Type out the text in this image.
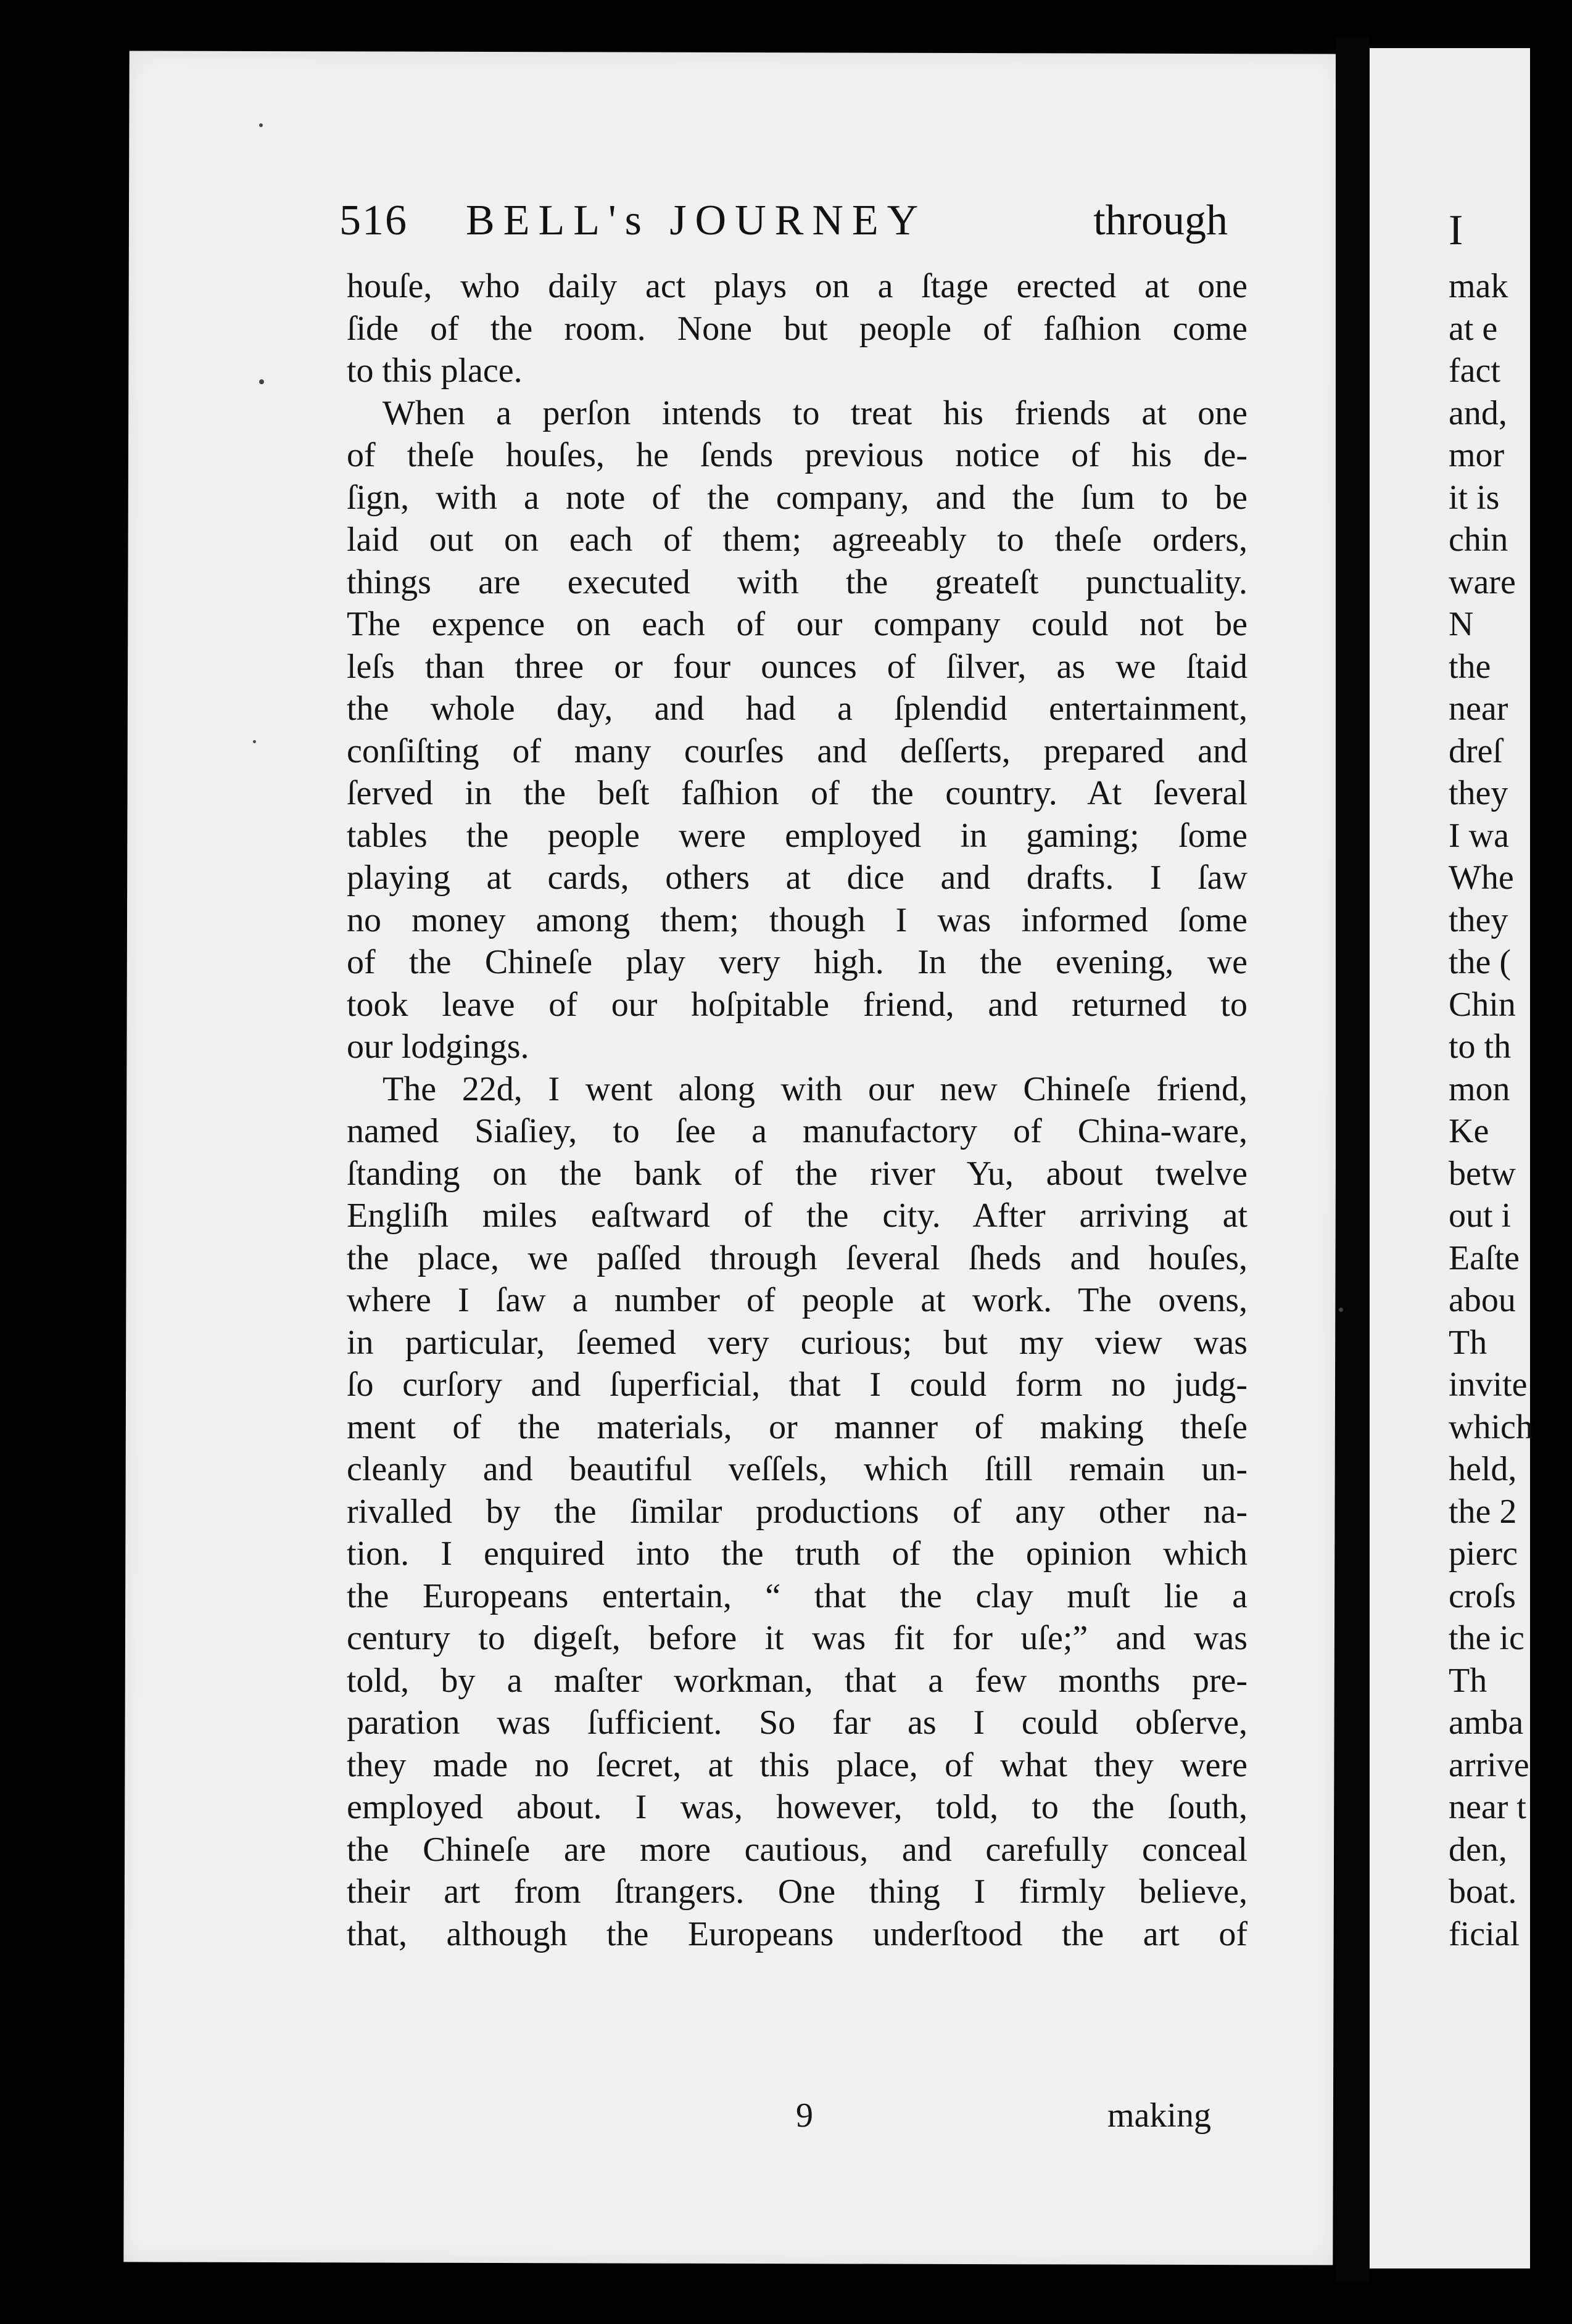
516 BELL's JOURNEY	through
houſe, who daily act plays on a ſtage erected at one
ſide of the room. None but people of faſhion come
to this place.
When a perſon intends to treat his friends at one
of theſe houſes, he ſends previous notice of his de-
ſign, with a note of the company, and the ſum to be
laid out on each of them; agreeably to theſe orders,
things are executed with the greateſt punctuality.
The expence on each of our company could not be
leſs than three or four ounces of ſilver, as we ſtaid
the whole day, and had a ſplendid entertainment,
conſiſting of many courſes and deſſerts, prepared and
ſerved in the beſt faſhion of the country. At ſeveral
tables the people were employed in gaming; ſome
playing at cards, others at dice and drafts. I ſaw
no money among them; though I was informed ſome
of the Chineſe play very high. In the evening, we
took leave of our hoſpitable friend, and returned to
our lodgings.
The 22d, I went along with our new Chineſe friend,
named Siaſiey, to ſee a manufactory of China-ware,
ſtanding on the bank of the river Yu, about twelve
Engliſh miles eaſtward of the city. After arriving at
the place, we paſſed through ſeveral ſheds and houſes,
where I ſaw a number of people at work. The ovens,
in particular, ſeemed very curious; but my view was
ſo curſory and ſuperficial, that I could form no judg-
ment of the materials, or manner of making theſe
cleanly and beautiful veſſels, which ſtill remain un-
rivalled by the ſimilar productions of any other na-
tion. I enquired into the truth of the opinion which
the Europeans entertain, “ that the clay muſt lie a
century to digeſt, before it was fit for uſe;” and was
told, by a maſter workman, that a few months pre-
paration was ſufficient. So far as I could obſerve,
they made no ſecret, at this place, of what they were
employed about. I was, however, told, to the ſouth,
the Chineſe are more cautious, and carefully conceal
their art from ſtrangers. One thing I firmly believe,
that, although the Europeans underſtood the art of
9	making
I
mak
at e
fact
and,
mor
it is
chin
ware
N
the
near
dreſ
they
I wa
Whe
they
the (
Chin
to th
mon
Ke
betw
out i
Eaſte
abou
Th
invite
which
held,
the 2
pierc
croſs
the ic
Th
amba
arrive
near t
den,
boat.
ficial
